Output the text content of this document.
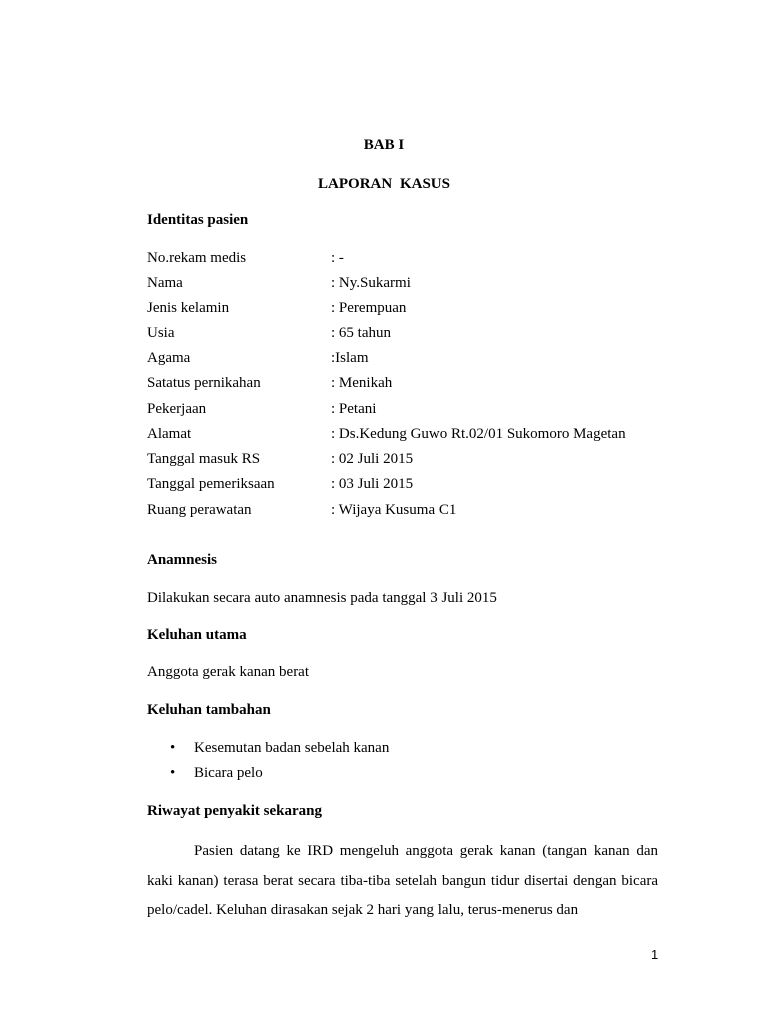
BAB I
LAPORAN KASUS
Identitas pasien
No.rekam medis	: -
Nama	: Ny.Sukarmi
Jenis kelamin	: Perempuan
Usia	: 65 tahun
Agama	:Islam
Satatus pernikahan	: Menikah
Pekerjaan	: Petani
Alamat	: Ds.Kedung Guwo Rt.02/01 Sukomoro Magetan
Tanggal masuk RS	: 02 Juli 2015
Tanggal pemeriksaan	: 03 Juli 2015
Ruang perawatan	: Wijaya Kusuma C1
Anamnesis
Dilakukan secara auto anamnesis pada tanggal 3 Juli 2015
Keluhan utama
Anggota gerak kanan berat
Keluhan tambahan
• Kesemutan badan sebelah kanan
• Bicara pelo
Riwayat penyakit sekarang
Pasien datang ke IRD mengeluh anggota gerak kanan (tangan kanan dan kaki kanan) terasa berat secara tiba-tiba setelah bangun tidur disertai dengan bicara pelo/cadel. Keluhan dirasakan sejak 2 hari yang lalu, terus-menerus dan
1
